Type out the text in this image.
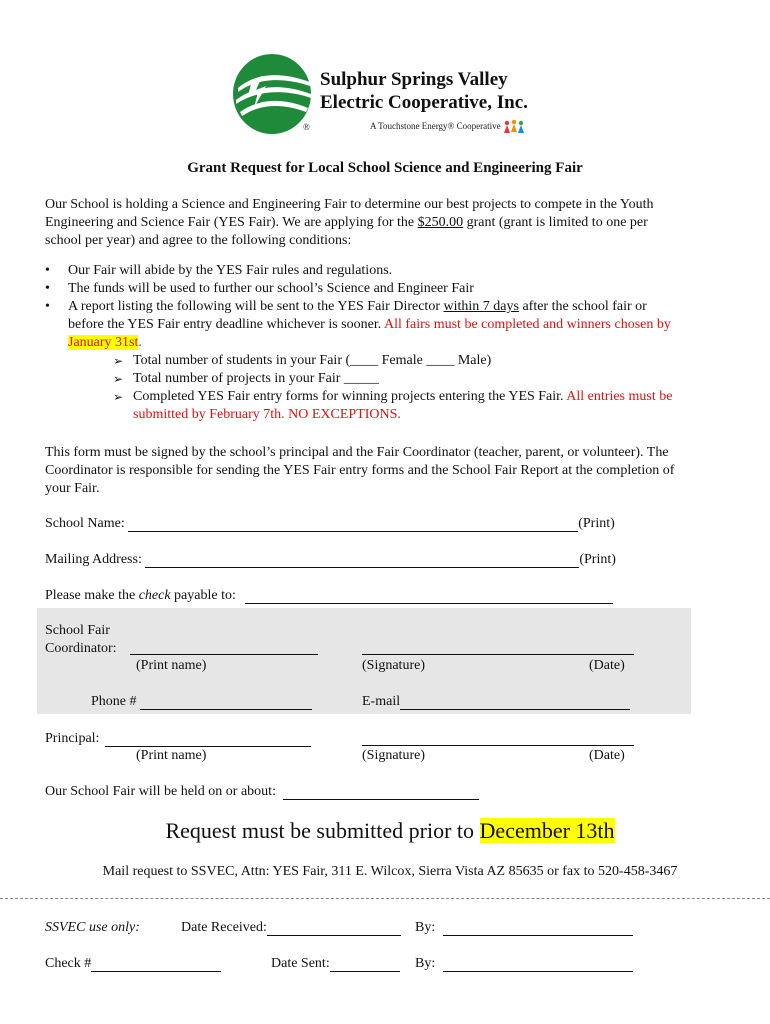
Sulphur Springs Valley
Electric Cooperative, Inc.
®	A Touchstone Energy® Cooperative
Grant Request for Local School Science and Engineering Fair
Our School is holding a Science and Engineering Fair to determine our best projects to compete in the Youth
Engineering and Science Fair (YES Fair). We are applying for the $250.00 grant (grant is limited to one per
school per year) and agree to the following conditions:
• Our Fair will abide by the YES Fair rules and regulations.
• The funds will be used to further our school’s Science and Engineer Fair
• A report listing the following will be sent to the YES Fair Director within 7 days after the school fair or
before the YES Fair entry deadline whichever is sooner. All fairs must be completed and winners chosen by
January 31st.
➢ Total number of students in your Fair (____ Female ____ Male)
➢ Total number of projects in your Fair _____
➢ Completed YES Fair entry forms for winning projects entering the YES Fair. All entries must be
submitted by February 7th. NO EXCEPTIONS.
This form must be signed by the school’s principal and the Fair Coordinator (teacher, parent, or volunteer). The
Coordinator is responsible for sending the YES Fair entry forms and the School Fair Report at the completion of
your Fair.
School Name:	(Print)
Mailing Address:	(Print)
Please make the check payable to:
School Fair
Coordinator:
(Print name)	(Signature)	(Date)
Phone #	E-mail
Principal:
(Print name)	(Signature)	(Date)
Our School Fair will be held on or about:
Request must be submitted prior to December 13th
Mail request to SSVEC, Attn: YES Fair, 311 E. Wilcox, Sierra Vista AZ 85635 or fax to 520-458-3467
SSVEC use only:	Date Received:	By:
Check #	Date Sent:	By:
